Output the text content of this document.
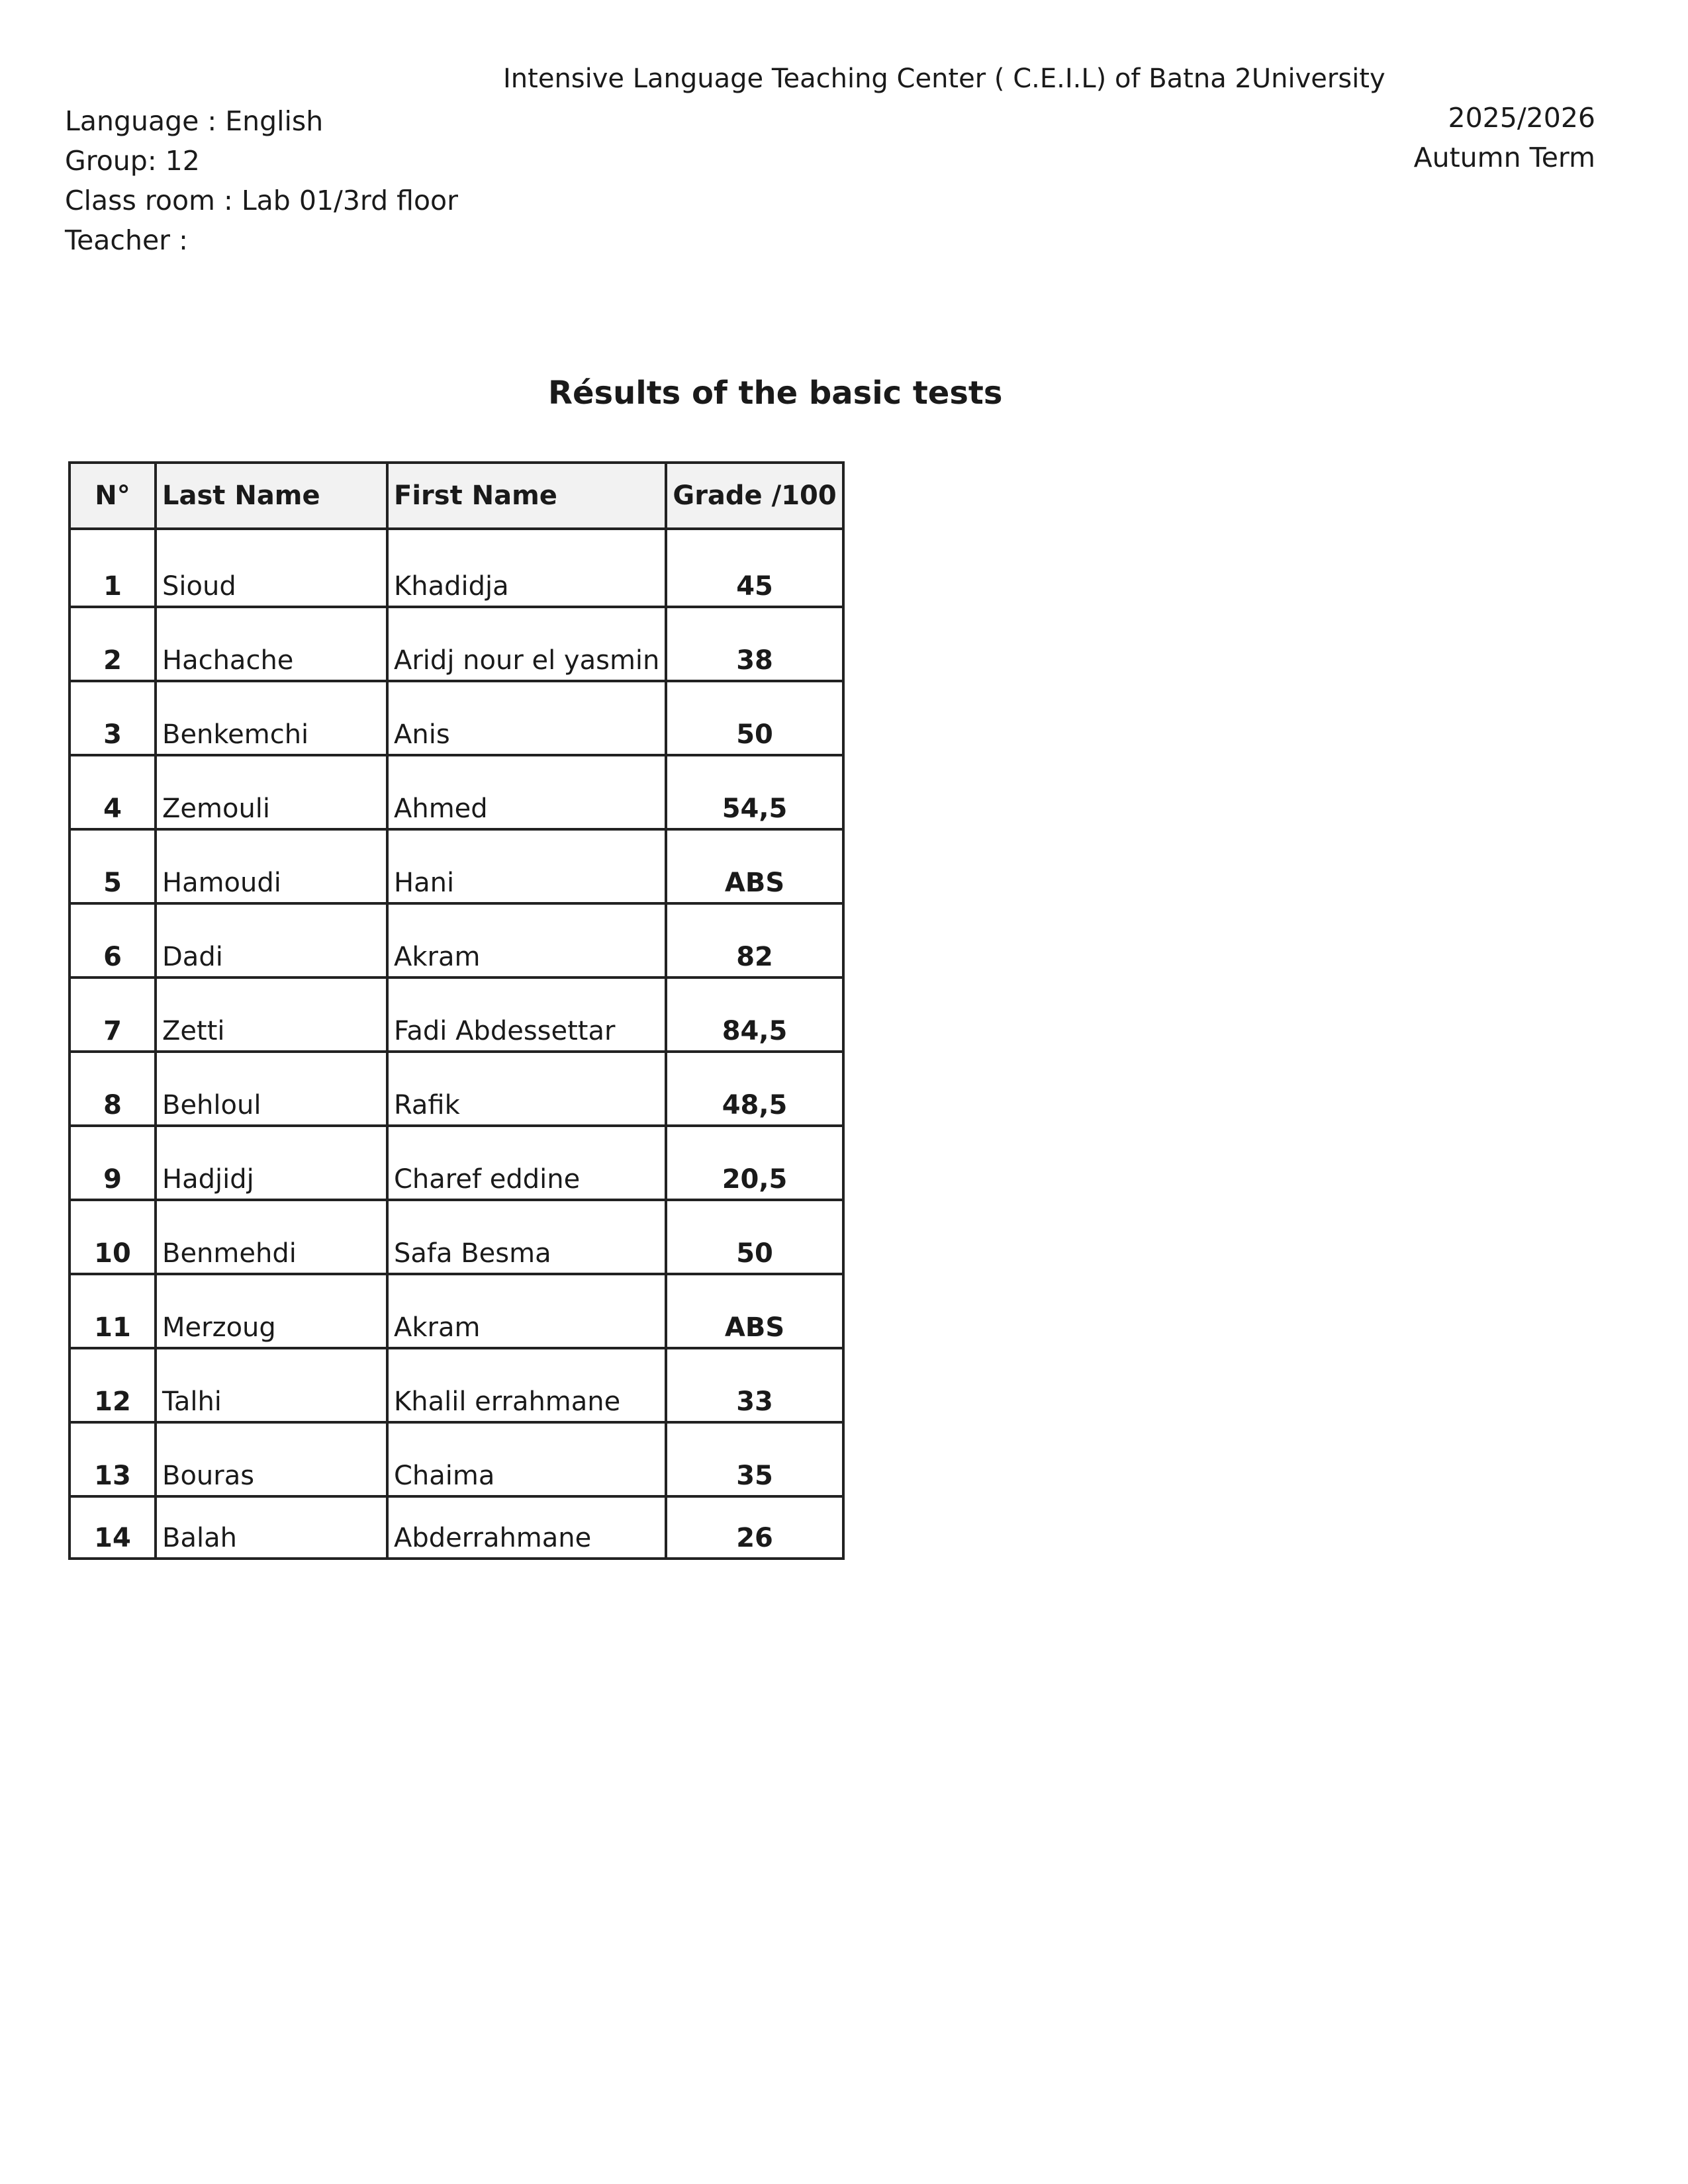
Intensive Language Teaching Center ( C.E.I.L) of Batna 2University
Language : English
Group: 12
Class room : Lab 01/3rd floor
Teacher :
2025/2026
Autumn Term
Résults of the basic tests
N°	Last Name	First Name	Grade /100
1	Sioud	Khadidja	45
2	Hachache	Aridj nour el yasmin	38
3	Benkemchi	Anis	50
4	Zemouli	Ahmed	54,5
5	Hamoudi	Hani	ABS
6	Dadi	Akram	82
7	Zetti	Fadi Abdessettar	84,5
8	Behloul	Rafik	48,5
9	Hadjidj	Charef eddine	20,5
10	Benmehdi	Safa Besma	50
11	Merzoug	Akram	ABS
12	Talhi	Khalil errahmane	33
13	Bouras	Chaima	35
14	Balah	Abderrahmane	26
